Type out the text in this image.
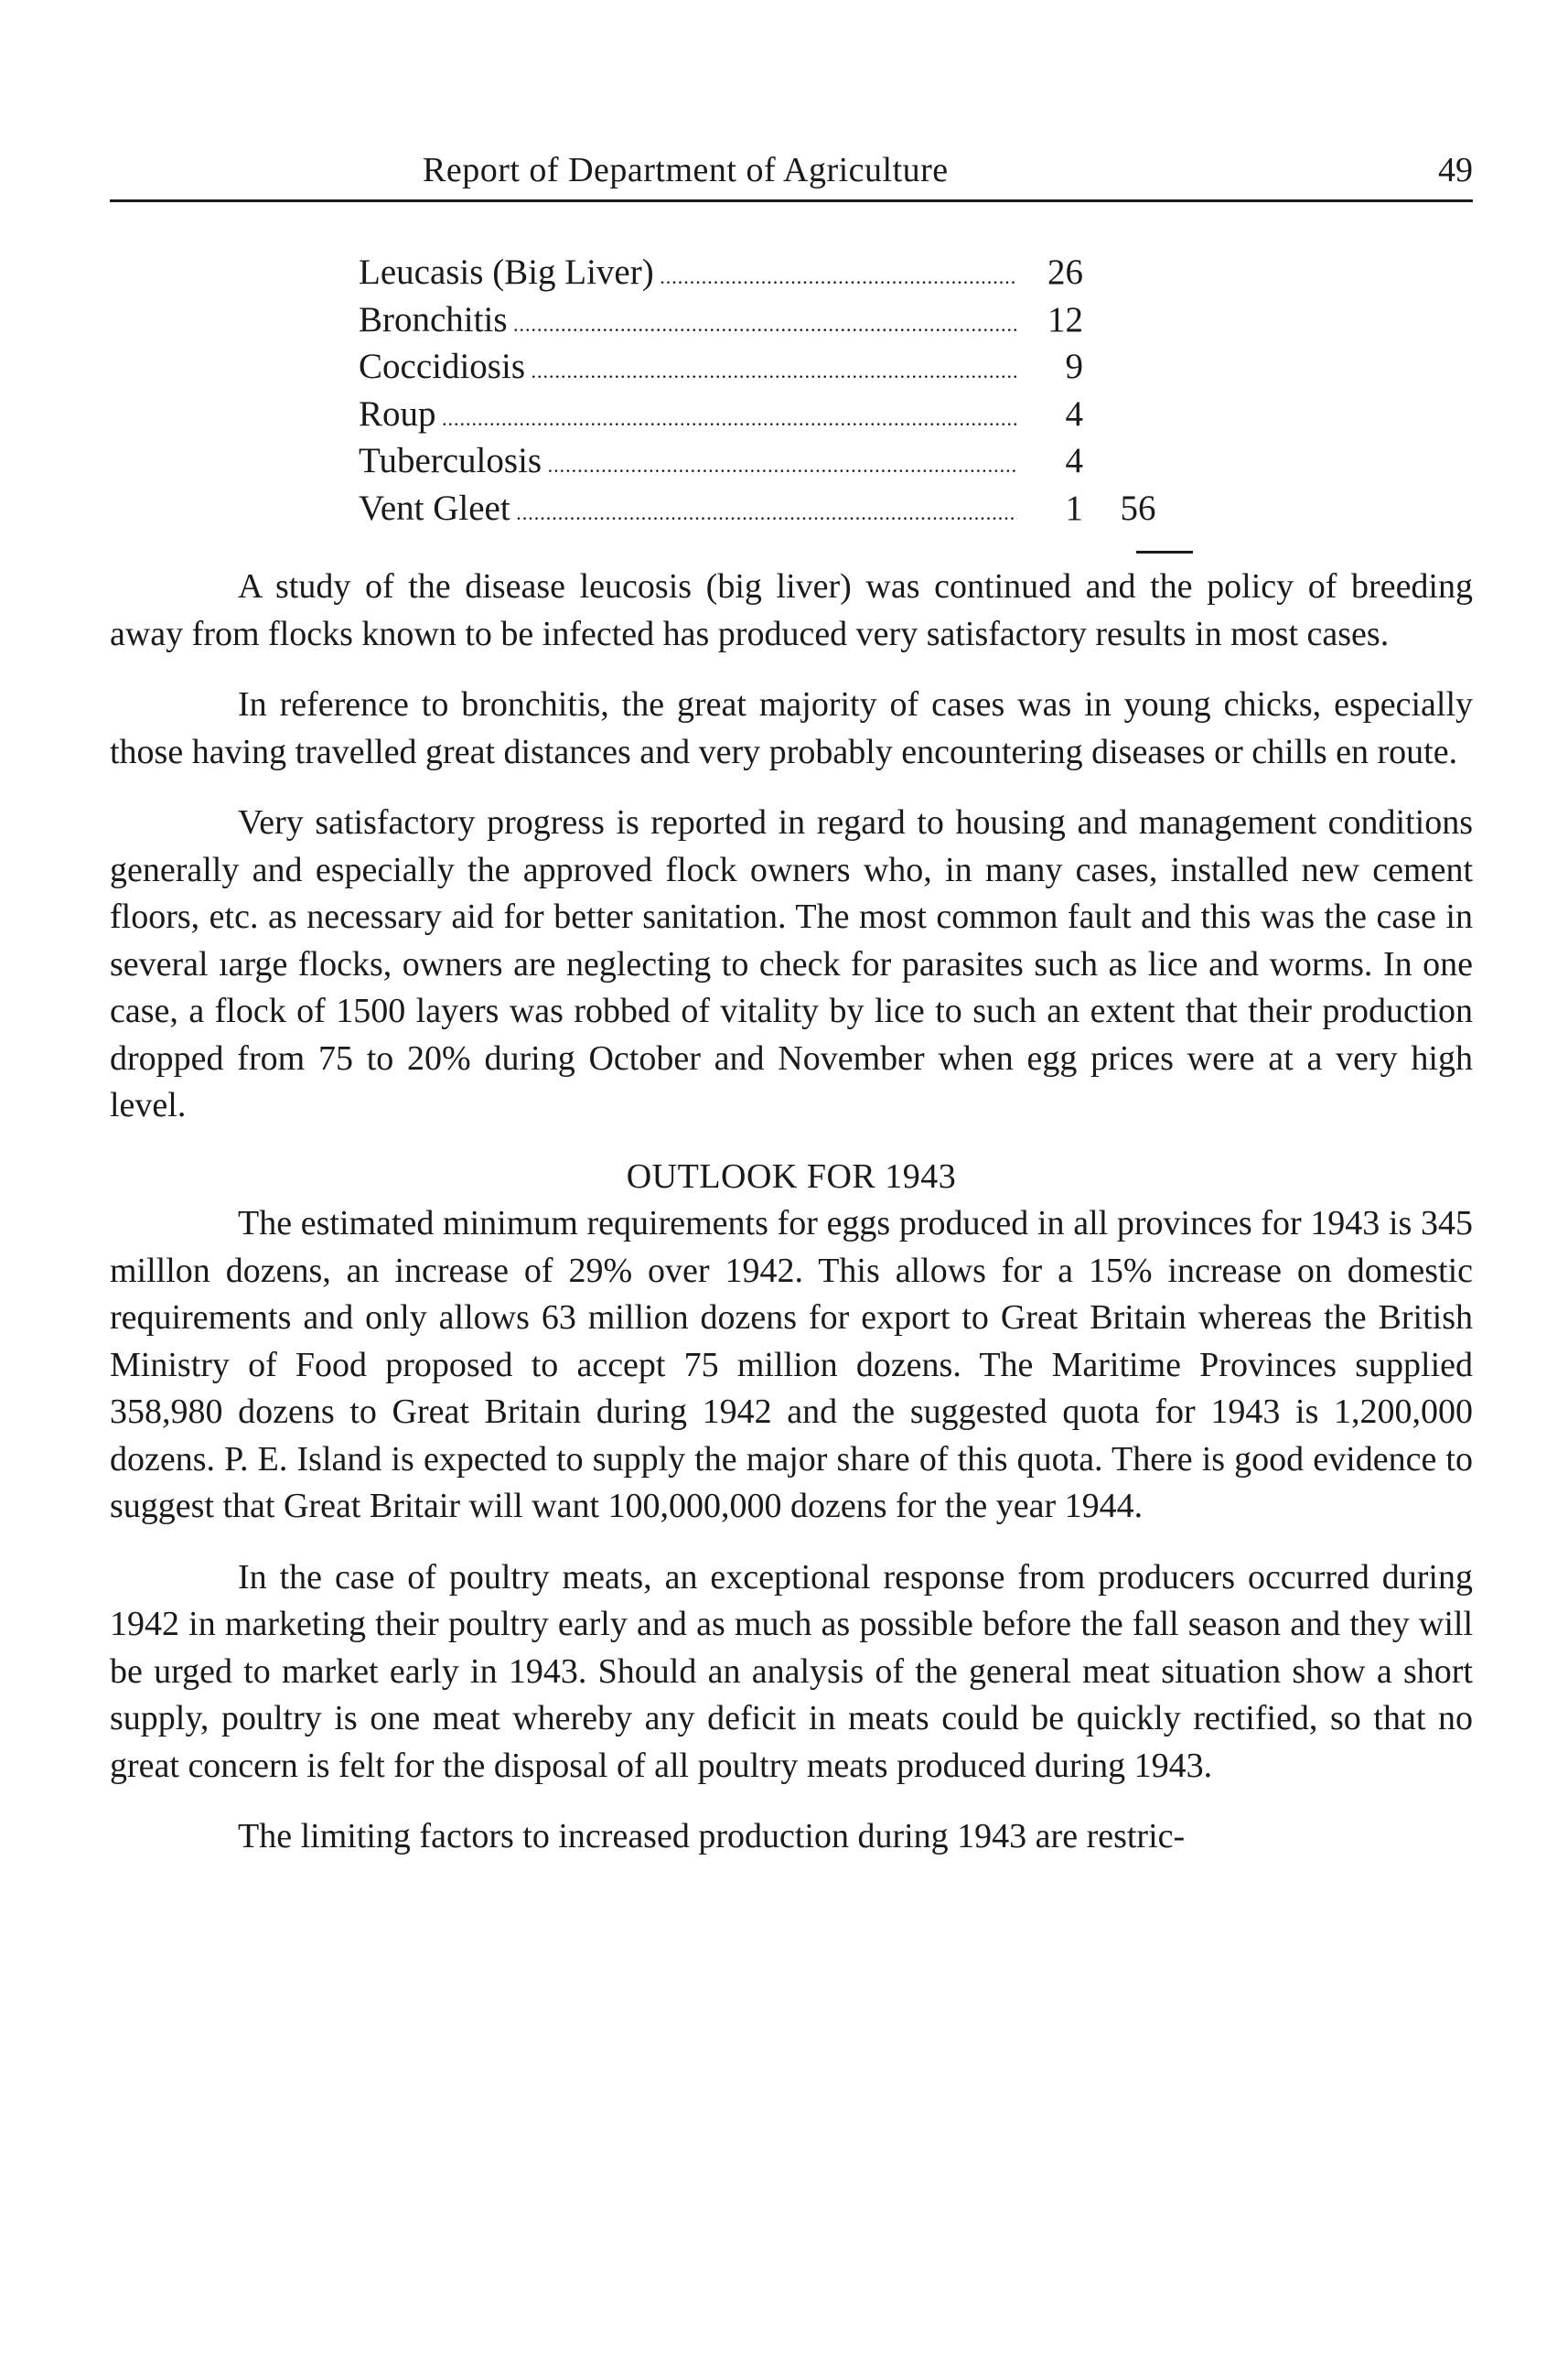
Report of Department of Agriculture	49
Leucasis (Big Liver) .....	26
Bronchitis .....	12
Coccidiosis .....	9
Roup .....	4
Tuberculosis .....	4
Vent Gleet .....	1	56

A study of the disease leucosis (big liver) was continued and the policy of breeding away from flocks known to be infected has produced very satisfactory results in most cases.

In reference to bronchitis, the great majority of cases was in young chicks, especially those having travelled great distances and very probably encountering diseases or chills en route.

Very satisfactory progress is reported in regard to housing and management conditions generally and especially the approved flock owners who, in many cases, installed new cement floors, etc. as necessary aid for better sanitation. The most common fault and this was the case in several ıarge flocks, owners are neglecting to check for parasites such as lice and worms. In one case, a flock of 1500 layers was robbed of vitality by lice to such an extent that their production dropped from 75 to 20% during October and November when egg prices were at a very high level.

OUTLOOK FOR 1943

The estimated minimum requirements for eggs produced in all provinces for 1943 is 345 milllon dozens, an increase of 29% over 1942. This allows for a 15% increase on domestic requirements and only allows 63 million dozens for export to Great Britain whereas the British Ministry of Food proposed to accept 75 million dozens. The Maritime Provinces supplied 358,980 dozens to Great Britain during 1942 and the suggested quota for 1943 is 1,200,000 dozens. P. E. Island is expected to supply the major share of this quota. There is good evidence to suggest that Great Britair will want 100,000,000 dozens for the year 1944.

In the case of poultry meats, an exceptional response from producers occurred during 1942 in marketing their poultry early and as much as possible before the fall season and they will be urged to market early in 1943. Should an analysis of the general meat situation show a short supply, poultry is one meat whereby any deficit in meats could be quickly rectified, so that no great concern is felt for the disposal of all poultry meats produced during 1943.

The limiting factors to increased production during 1943 are restric-
